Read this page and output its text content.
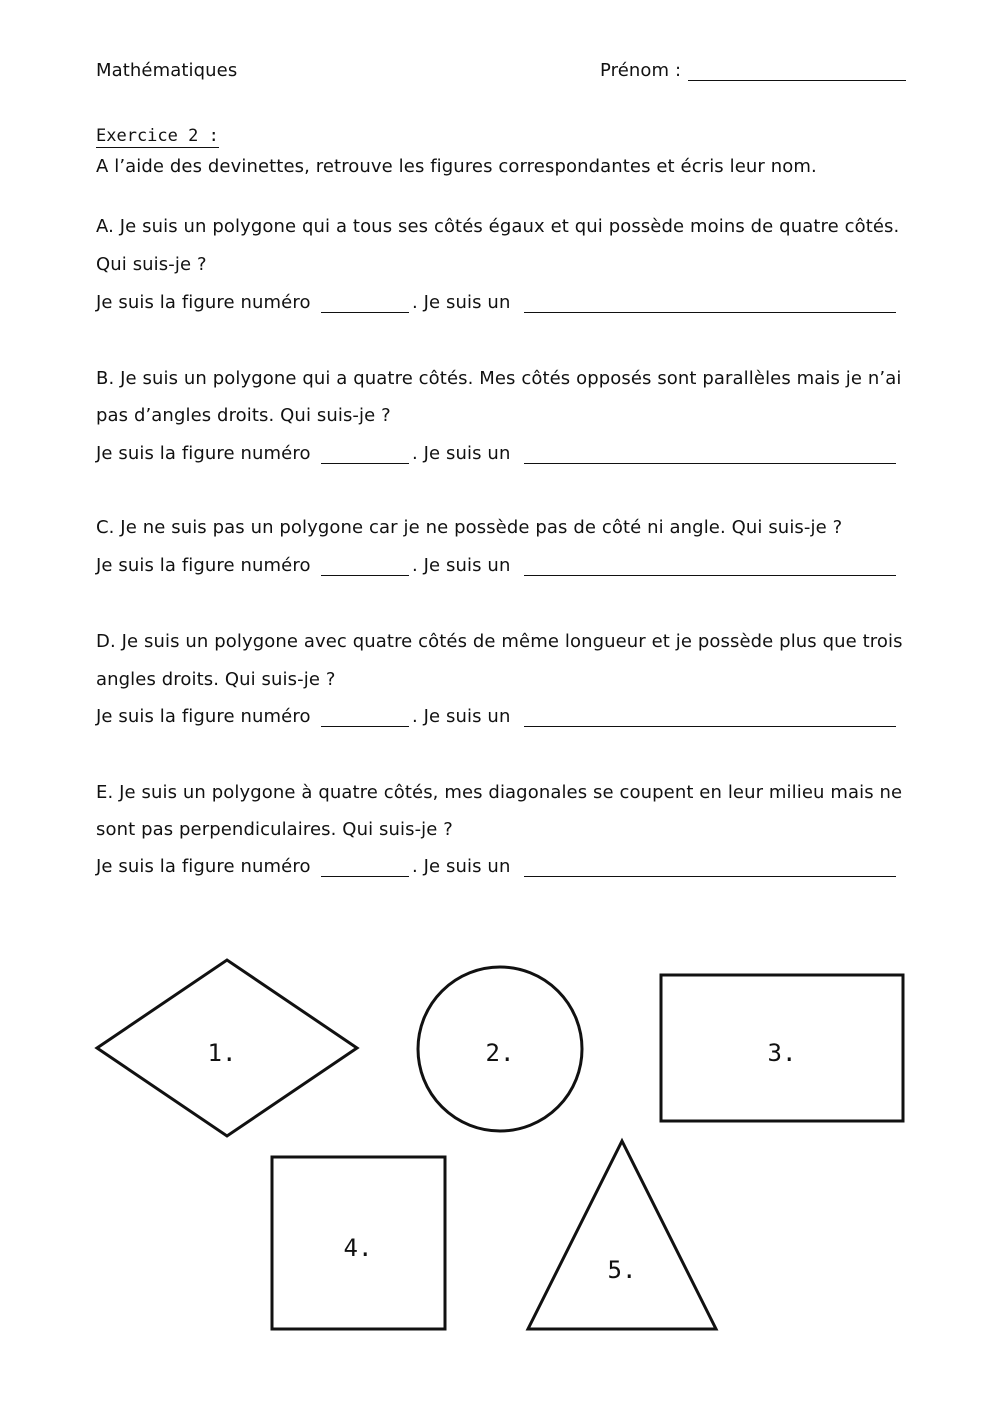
Mathématiques	Prénom :
Exercice 2 :
A l’aide des devinettes, retrouve les figures correspondantes et écris leur nom.
A. Je suis un polygone qui a tous ses côtés égaux et qui possède moins de quatre côtés.
Qui suis-je ?
Je suis la figure numéro	. Je suis un
B. Je suis un polygone qui a quatre côtés. Mes côtés opposés sont parallèles mais je n’ai
pas d’angles droits. Qui suis-je ?
Je suis la figure numéro	. Je suis un
C. Je ne suis pas un polygone car je ne possède pas de côté ni angle. Qui suis-je ?
Je suis la figure numéro	. Je suis un
D. Je suis un polygone avec quatre côtés de même longueur et je possède plus que trois
angles droits. Qui suis-je ?
Je suis la figure numéro	. Je suis un
E. Je suis un polygone à quatre côtés, mes diagonales se coupent en leur milieu mais ne
sont pas perpendiculaires. Qui suis-je ?
Je suis la figure numéro	. Je suis un
1.	2.	3.
4.
5.
